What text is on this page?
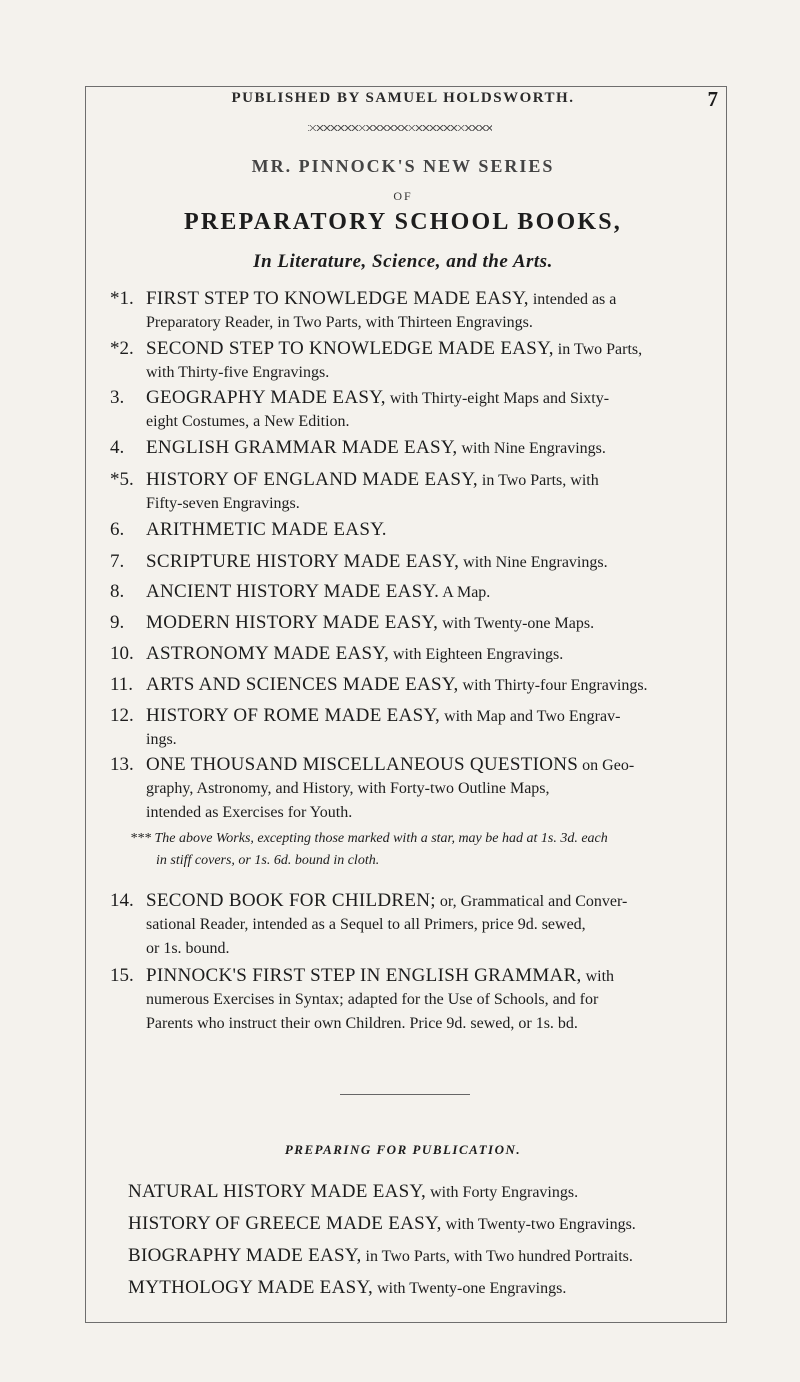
PUBLISHED BY SAMUEL HOLDSWORTH.	7
MR. PINNOCK'S NEW SERIES
OF
PREPARATORY SCHOOL BOOKS,
In Literature, Science, and the Arts.
*1. FIRST STEP TO KNOWLEDGE MADE EASY, intended as a
Preparatory Reader, in Two Parts, with Thirteen Engravings.
*2. SECOND STEP TO KNOWLEDGE MADE EASY, in Two Parts,
with Thirty-five Engravings.
3. GEOGRAPHY MADE EASY, with Thirty-eight Maps and Sixty-
eight Costumes, a New Edition.
4. ENGLISH GRAMMAR MADE EASY, with Nine Engravings.
*5. HISTORY OF ENGLAND MADE EASY, in Two Parts, with
Fifty-seven Engravings.
6. ARITHMETIC MADE EASY.
7. SCRIPTURE HISTORY MADE EASY, with Nine Engravings.
8. ANCIENT HISTORY MADE EASY. A Map.
9. MODERN HISTORY MADE EASY, with Twenty-one Maps.
10. ASTRONOMY MADE EASY, with Eighteen Engravings.
11. ARTS AND SCIENCES MADE EASY, with Thirty-four Engravings.
12. HISTORY OF ROME MADE EASY, with Map and Two Engrav-
ings.
13. ONE THOUSAND MISCELLANEOUS QUESTIONS on Geo-
graphy, Astronomy, and History, with Forty-two Outline Maps,
intended as Exercises for Youth.
*** The above Works, excepting those marked with a star, may be had at 1s. 3d. each
in stiff covers, or 1s. 6d. bound in cloth.
14. SECOND BOOK FOR CHILDREN; or, Grammatical and Conver-
sational Reader, intended as a Sequel to all Primers, price 9d. sewed,
or 1s. bound.
15. PINNOCK'S FIRST STEP IN ENGLISH GRAMMAR, with
numerous Exercises in Syntax; adapted for the Use of Schools, and for
Parents who instruct their own Children. Price 9d. sewed, or 1s. bd.
PREPARING FOR PUBLICATION.
NATURAL HISTORY MADE EASY, with Forty Engravings.
HISTORY OF GREECE MADE EASY, with Twenty-two Engravings.
BIOGRAPHY MADE EASY, in Two Parts, with Two hundred Portraits.
MYTHOLOGY MADE EASY, with Twenty-one Engravings.
